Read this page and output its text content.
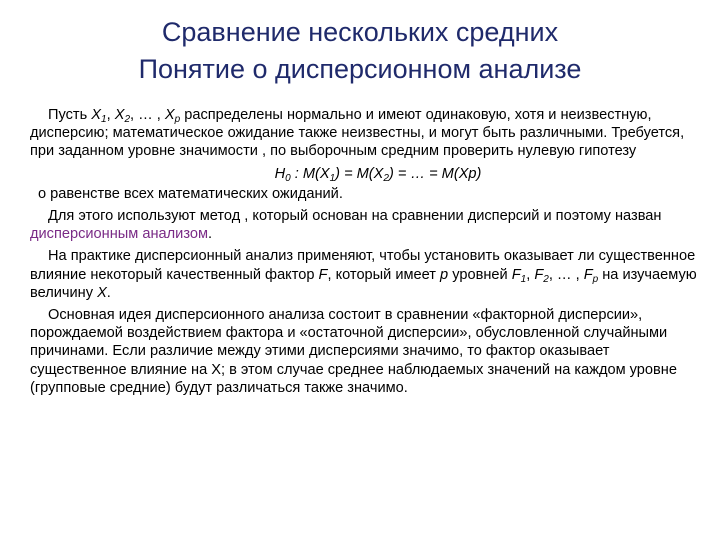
Сравнение нескольких средних
Понятие о дисперсионном анализе
Пусть $X_1$, $X_2$, … , $X_p$ распределены нормально и имеют одинаковую, хотя и неизвестную, дисперсию; математическое ожидание также неизвестны, и могут быть различными. Требуется, при заданном уровне значимости , по выборочным средним проверить нулевую гипотезу
$H_0$ : $M(X_1) = M(X_2)$ = … = M(Xp)
о равенстве всех математических ожиданий.
Для этого используют метод , который основан на сравнении дисперсий и поэтому назван дисперсионным анализом.
На практике дисперсионный анализ применяют, чтобы установить оказывает ли существенное влияние некоторый качественный фактор F, который имеет p уровней $F_1$, $F_2$, … , $F_p$ на изучаемую величину X.
Основная идея дисперсионного анализа состоит в сравнении «факторной дисперсии», порождаемой воздействием фактора и «остаточной дисперсии», обусловленной случайными причинами. Если различие между этими дисперсиями значимо, то фактор оказывает существенное влияние на Х; в этом случае среднее наблюдаемых значений на каждом уровне (групповые средние) будут различаться также значимо.
